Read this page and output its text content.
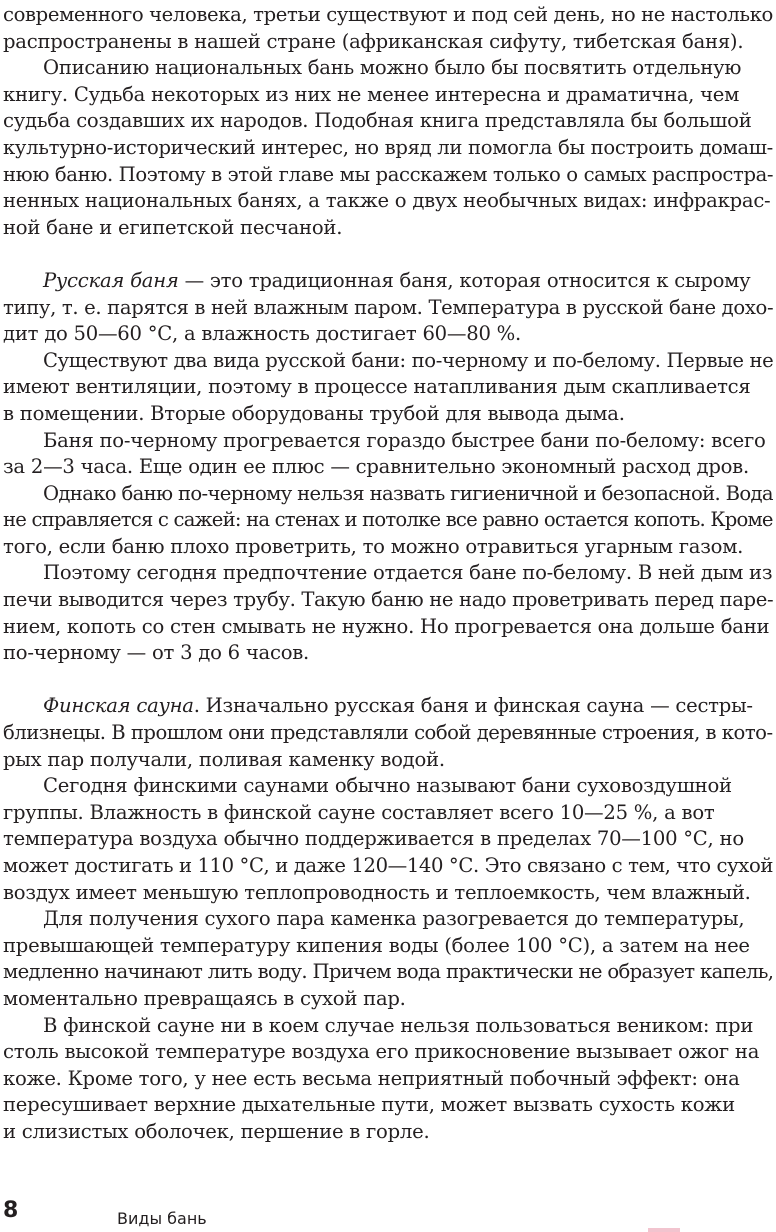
современного человека, третьи существуют и под сей день, но не настолько
распространены в нашей стране (африканская сифуту, тибетская баня).
Описанию национальных бань можно было бы посвятить отдельную
книгу. Судьба некоторых из них не менее интересна и драматична, чем
судьба создавших их народов. Подобная книга представляла бы большой
культурно-исторический интерес, но вряд ли помогла бы построить домаш-
нюю баню. Поэтому в этой главе мы расскажем только о самых распростра-
ненных национальных банях, а также о двух необычных видах: инфракрас-
ной бане и египетской песчаной.
Русская баня — это традиционная баня, которая относится к сырому
типу, т. е. парятся в ней влажным паром. Температура в русской бане дохо-
дит до 50—60 °С, а влажность достигает 60—80 %.
Существуют два вида русской бани: по-черному и по-белому. Первые не
имеют вентиляции, поэтому в процессе натапливания дым скапливается
в помещении. Вторые оборудованы трубой для вывода дыма.
Баня по-черному прогревается гораздо быстрее бани по-белому: всего
за 2—3 часа. Еще один ее плюс — сравнительно экономный расход дров.
Однако баню по-черному нельзя назвать гигиеничной и безопасной. Вода
не справляется с сажей: на стенах и потолке все равно остается копоть. Кроме
того, если баню плохо проветрить, то можно отравиться угарным газом.
Поэтому сегодня предпочтение отдается бане по-белому. В ней дым из
печи выводится через трубу. Такую баню не надо проветривать перед паре-
нием, копоть со стен смывать не нужно. Но прогревается она дольше бани
по-черному — от 3 до 6 часов.
Финская сауна. Изначально русская баня и финская сауна — сестры-
близнецы. В прошлом они представляли собой деревянные строения, в кото-
рых пар получали, поливая каменку водой.
Сегодня финскими саунами обычно называют бани суховоздушной
группы. Влажность в финской сауне составляет всего 10—25 %, а вот
температура воздуха обычно поддерживается в пределах 70—100 °С, но
может достигать и 110 °С, и даже 120—140 °С. Это связано с тем, что сухой
воздух имеет меньшую теплопроводность и теплоемкость, чем влажный.
Для получения сухого пара каменка разогревается до температуры,
превышающей температуру кипения воды (более 100 °С), а затем на нее
медленно начинают лить воду. Причем вода практически не образует капель,
моментально превращаясь в сухой пар.
В финской сауне ни в коем случае нельзя пользоваться веником: при
столь высокой температуре воздуха его прикосновение вызывает ожог на
коже. Кроме того, у нее есть весьма неприятный побочный эффект: она
пересушивает верхние дыхательные пути, может вызвать сухость кожи
и слизистых оболочек, першение в горле.
8	Виды бань
